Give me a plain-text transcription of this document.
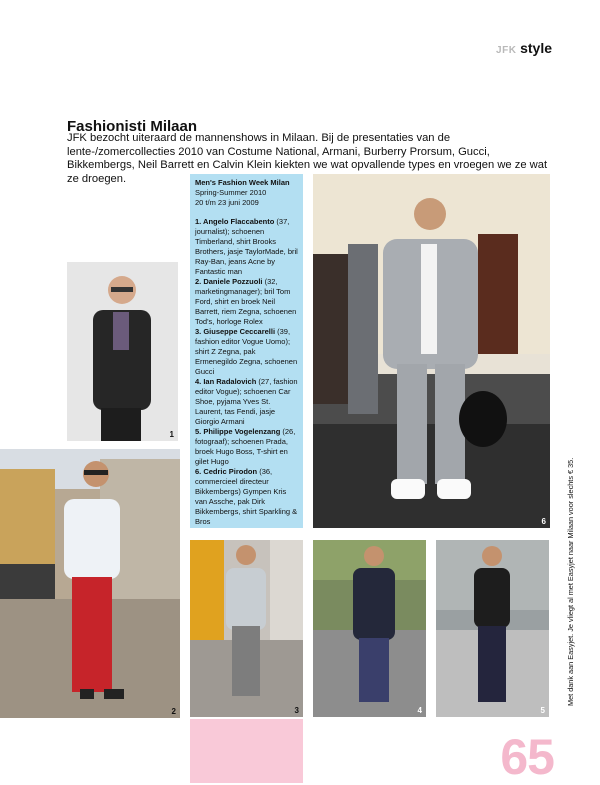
JFK style
Fashionisti Milaan

JFK bezocht uiteraard de mannenshows in Milaan. Bij de presentaties van de lente-/zomercollecties 2010 van Costume National, Armani, Burberry Prorsum, Gucci, Bikkembergs, Neil Barrett en Calvin Klein kiekten we wat opvallende types en vroegen we ze wat ze droegen.	Men's Fashion Week Milan
Spring-Summer 2010
20 t/m 23 juni 2009
1. Angelo Flaccabento (37, journalist); schoenen Timberland, shirt Brooks Brothers, jasje TaylorMade, bril Ray-Ban, jeans Acne by Fantastic man
2. Daniele Pozzuoli (32, marketingmanager); bril Tom Ford, shirt en broek Neil Barrett, riem Zegna, schoenen Tod's, horloge Rolex
3. Giuseppe Ceccarelli (39, fashion editor Vogue Uomo); shirt Z Zegna, pak Ermenegildo Zegna, schoenen Gucci
4. Ian Radalovich (27, fashion editor Vogue); schoenen Car Shoe, pyjama Yves St. Laurent, tas Fendi, jasje Giorgio Armani
5. Philippe Vogelenzang (26, fotograaf); schoenen Prada, broek Hugo Boss, T-shirt en gilet Hugo
6. Cedric Pirodon (36, commercieel directeur Bikkembergs) Gympen Kris van Assche, pak Dirk Bikkembergs, shirt Sparkling & Bros
1
2	3	4	5
6
65
Met dank aan Easyjet. Je vliegt al met Easyjet naar Milaan voor slechts € 35.
